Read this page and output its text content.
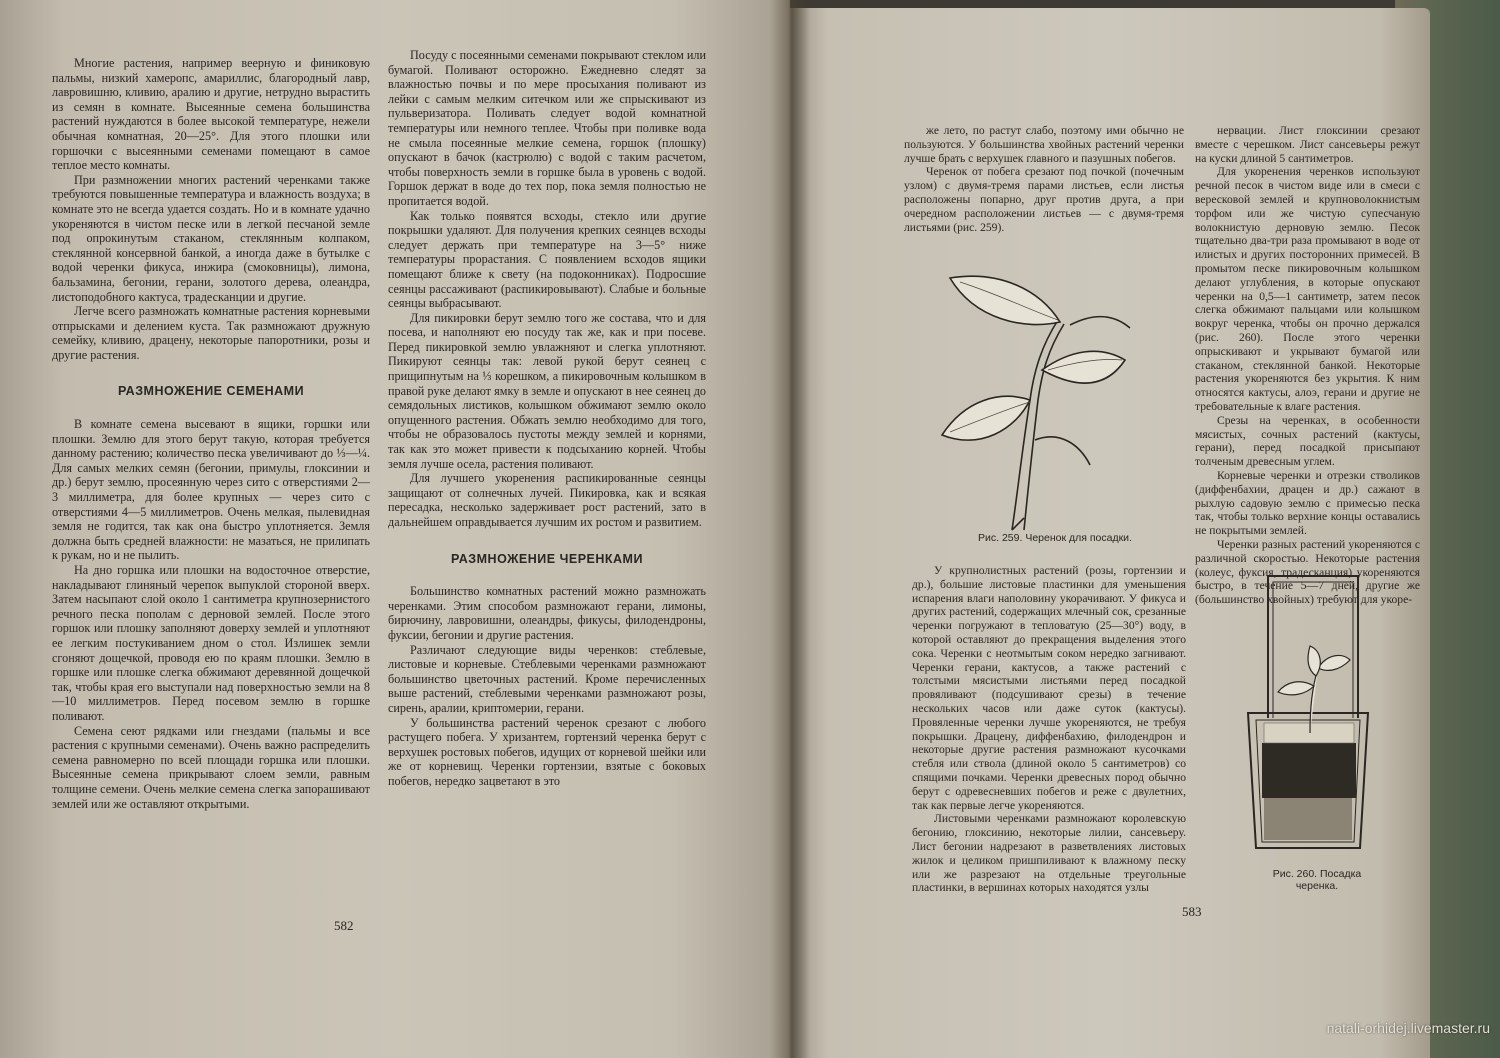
Многие растения, например веерную и финиковую пальмы, низкий хамеропс, амариллис, благородный лавр, лавровишню, кливию, аралию и другие, нетрудно вырастить из семян в комнате. Высеянные семена большинства растений нуждаются в более высокой температуре, нежели обычная комнатная, 20—25°. Для этого плошки или горшочки с высеянными семенами помещают в самое теплое место комнаты.

При размножении многих растений черенками также требуются повышенные температура и влажность воздуха; в комнате это не всегда удается создать. Но и в комнате удачно укореняются в чистом песке или в легкой песчаной земле под опрокинутым стаканом, стеклянным колпаком, стеклянной консервной банкой, а иногда даже в бутылке с водой черенки фикуса, инжира (смоковницы), лимона, бальзамина, бегонии, герани, золотого дерева, олеандра, листоподобного кактуса, традесканции и другие.

Легче всего размножать комнатные растения корневыми отпрысками и делением куста. Так размножают дружную семейку, кливию, драцену, некоторые папоротники, розы и другие растения.

РАЗМНОЖЕНИЕ СЕМЕНАМИ

В комнате семена высевают в ящики, горшки или плошки. Землю для этого берут такую, которая требуется данному растению; количество песка увеличивают до ⅓—¼. Для самых мелких семян (бегонии, примулы, глоксинии и др.) берут землю, просеянную через сито с отверстиями 2—3 миллиметра, для более крупных — через сито с отверстиями 4—5 миллиметров. Очень мелкая, пылевидная земля не годится, так как она быстро уплотняется. Земля должна быть средней влажности: не мазаться, не прилипать к рукам, но и не пылить.

На дно горшка или плошки на водосточное отверстие, накладывают глиняный черепок выпуклой стороной вверх. Затем насыпают слой около 1 сантиметра крупнозернистого речного песка пополам с дерновой землей. После этого горшок или плошку заполняют доверху землей и уплотняют ее легким постукиванием дном о стол. Излишек земли сгоняют дощечкой, проводя ею по краям плошки. Землю в горшке или плошке слегка обжимают деревянной дощечкой так, чтобы края его выступали над поверхностью земли на 8—10 миллиметров. Перед посевом землю в горшке поливают.

Семена сеют рядками или гнездами (пальмы и все растения с крупными семенами). Очень важно распределить семена равномерно по всей площади горшка или плошки. Высеянные семена прикрывают слоем земли, равным толщине семени. Очень мелкие семена слегка запорашивают землей или же оставляют открытыми.

Посуду с посеянными семенами покрывают стеклом или бумагой. Поливают осторожно. Ежедневно следят за влажностью почвы и по мере просыхания поливают из лейки с самым мелким ситечком или же спрыскивают из пульверизатора. Поливать следует водой комнатной температуры или немного теплее. Чтобы при поливке вода не смыла посеянные мелкие семена, горшок (плошку) опускают в бачок (кастрюлю) с водой с таким расчетом, чтобы поверхность земли в горшке была в уровень с водой. Горшок держат в воде до тех пор, пока земля полностью не пропитается водой.

Как только появятся всходы, стекло или другие покрышки удаляют. Для получения крепких сеянцев всходы следует держать при температуре на 3—5° ниже температуры прорастания. С появлением всходов ящики помещают ближе к свету (на подоконниках). Подросшие сеянцы рассаживают (распикировывают). Слабые и больные сеянцы выбрасывают.

Для пикировки берут землю того же состава, что и для посева, и наполняют ею посуду так же, как и при посеве. Перед пикировкой землю увлажняют и слегка уплотняют. Пикируют сеянцы так: левой рукой берут сеянец с прищипнутым на ⅓ корешком, а пикировочным колышком в правой руке делают ямку в земле и опускают в нее сеянец до семядольных листиков, колышком обжимают землю около опущенного растения. Обжать землю необходимо для того, чтобы не образовалось пустоты между землей и корнями, так как это может привести к подсыханию корней. Чтобы земля лучше осела, растения поливают.

Для лучшего укоренения распикированные сеянцы защищают от солнечных лучей. Пикировка, как и всякая пересадка, несколько задерживает рост растений, зато в дальнейшем оправдывается лучшим их ростом и развитием.

РАЗМНОЖЕНИЕ ЧЕРЕНКАМИ

Большинство комнатных растений можно размножать черенками. Этим способом размножают герани, лимоны, бирючину, лавровишни, олеандры, фикусы, филодендроны, фуксии, бегонии и другие растения.

Различают следующие виды черенков: стеблевые, листовые и корневые. Стеблевыми черенками размножают большинство цветочных растений. Кроме перечисленных выше растений, стеблевыми черенками размножают розы, сирень, аралии, криптомерии, герани.

У большинства растений черенок срезают с любого растущего побега. У хризантем, гортензий черенка берут с верхушек ростовых побегов, идущих от корневой шейки или же от корневищ. Черенки гортензии, взятые с боковых побегов, нередко зацветают в это

582

же лето, по растут слабо, поэтому ими обычно не пользуются. У большинства хвойных растений черенки лучше брать с верхушек главного и пазушных побегов.

Черенок от побега срезают под почкой (почечным узлом) с двумя-тремя парами листьев, если листья расположены попарно, друг против друга, а при очередном расположении листьев — с двумя-тремя листьями (рис. 259).

Рис. 259. Черенок для посадки.

нервации. Лист глоксинии срезают вместе с черешком. Лист сансевьеры режут на куски длиной 5 сантиметров.

Для укоренения черенков используют речной песок в чистом виде или в смеси с вересковой землей и крупноволокнистым торфом или же чистую супесчаную волокнистую дерновую землю. Песок тщательно два-три раза промывают в воде от илистых и других посторонних примесей. В промытом песке пикировочным колышком делают углубления, в которые опускают черенки на 0,5—1 сантиметр, затем песок слегка обжимают пальцами или колышком вокруг черенка, чтобы он прочно держался (рис. 260). После этого черенки опрыскивают и укрывают бумагой или стаканом, стеклянной банкой. Некоторые растения укореняются без укрытия. К ним относятся кактусы, алоэ, герани и другие не требовательные к влаге растения.

Срезы на черенках, в особенности мясистых, сочных растений (кактусы, герани), перед посадкой присыпают толченым древесным углем.

Корневые черенки и отрезки стволиков (диффенбахии, драцен и др.) сажают в рыхлую садовую землю с примесью песка так, чтобы только верхние концы оставались не покрытыми землей.

Черенки разных растений укореняются с различной скоростью. Некоторые растения (колеус, фуксия, традесканция) укореняются быстро, в течение 5—7 дней, другие же (большинство хвойных) требуют для укоре-

У крупнолистных растений (розы, гортензии и др.), большие листовые пластинки для уменьшения испарения влаги наполовину укорачивают. У фикуса и других растений, содержащих млечный сок, срезанные черенки погружают в тепловатую (25—30°) воду, в которой оставляют до прекращения выделения этого сока. Черенки с неотмытым соком нередко загнивают. Черенки герани, кактусов, а также растений с толстыми мясистыми листьями перед посадкой провяливают (подсушивают срезы) в течение нескольких часов или даже суток (кактусы). Провяленные черенки лучше укореняются, не требуя покрышки. Драцену, диффенбахию, филодендрон и некоторые другие растения размножают кусочками стебля или ствола (длиной около 5 сантиметров) со спящими почками. Черенки древесных пород обычно берут с одревесневших побегов и реже с двулетних, так как первые легче укореняются.

Листовыми черенками размножают королевскую бегонию, глоксинию, некоторые лилии, сансевьеру. Лист бегонии надрезают в разветвлениях листовых жилок и целиком пришпиливают к влажному песку или же разрезают на отдельные треугольные пластинки, в вершинах которых находятся узлы

Рис. 260. Посадка черенка.
583
natali-orhidej.livemaster.ru
